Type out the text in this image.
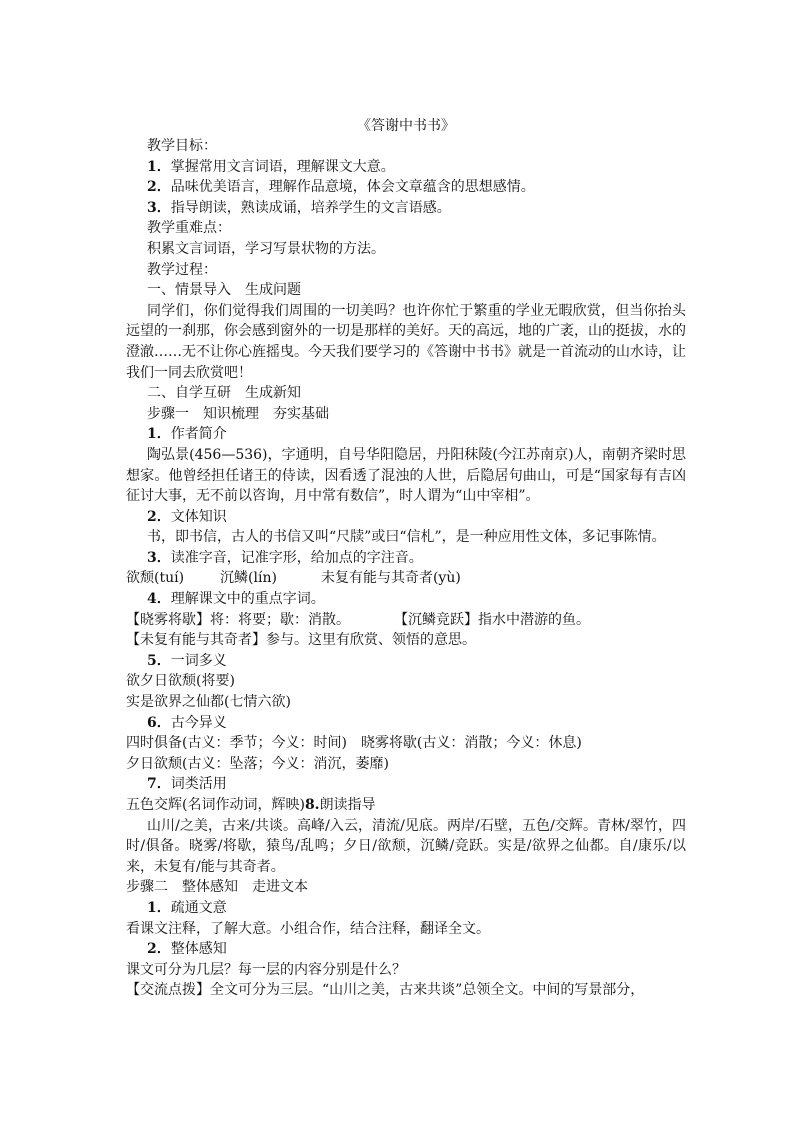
《答谢中书书》
教学目标：
1．掌握常用文言词语，理解课文大意。
2．品味优美语言，理解作品意境，体会文章蕴含的思想感情。
3．指导朗读，熟读成诵，培养学生的文言语感。
教学重难点：
积累文言词语，学习写景状物的方法。
教学过程：
一、情景导入　生成问题
同学们，你们觉得我们周围的一切美吗？也许你忙于繁重的学业无暇欣赏，但当你抬头远望的一刹那，你会感到窗外的一切是那样的美好。天的高远，地的广袤，山的挺拔，水的澄澈……无不让你心旌摇曳。今天我们要学习的《答谢中书书》就是一首流动的山水诗，让我们一同去欣赏吧！
二、自学互研　生成新知
步骤一　知识梳理　夯实基础
1．作者简介
陶弘景(456—536)，字通明，自号华阳隐居，丹阳秣陵(今江苏南京)人，南朝齐梁时思想家。他曾经担任诸王的侍读，因看透了混浊的人世，后隐居句曲山，可是“国家每有吉凶征讨大事，无不前以咨询，月中常有数信”，时人谓为“山中宰相”。
2．文体知识
书，即书信，古人的书信又叫“尺牍”或曰“信札”，是一种应用性文体，多记事陈情。
3．读准字音，记准字形，给加点的字注音。
欲颓(tuí)	沉鳞(lín)	未复有能与其奇者(yù)
4．理解课文中的重点字词。
【晓雾将歇】将：将要；歇：消散。	【沉鳞竞跃】指水中潜游的鱼。
【未复有能与其奇者】参与。这里有欣赏、领悟的意思。
5．一词多义
欲夕日欲颓(将要)
实是欲界之仙都(七情六欲)
6．古今异义
四时俱备(古义：季节；今义：时间) 晓雾将歇(古义：消散；今义：休息)
夕日欲颓(古义：坠落；今义：消沉，萎靡)
7．词类活用
五色交辉(名词作动词，辉映)8.朗读指导
山川/之美，古来/共谈。高峰/入云，清流/见底。两岸/石壁，五色/交辉。青林/翠竹，四时/俱备。晓雾/将歇，猿鸟/乱鸣；夕日/欲颓，沉鳞/竞跃。实是/欲界之仙都。自/康乐/以来，未复有/能与其奇者。
步骤二　整体感知　走进文本
1．疏通文意
看课文注释，了解大意。小组合作，结合注释，翻译全文。
2．整体感知
课文可分为几层？每一层的内容分别是什么？
【交流点拨】全文可分为三层。“山川之美，古来共谈”总领全文。中间的写景部分，
